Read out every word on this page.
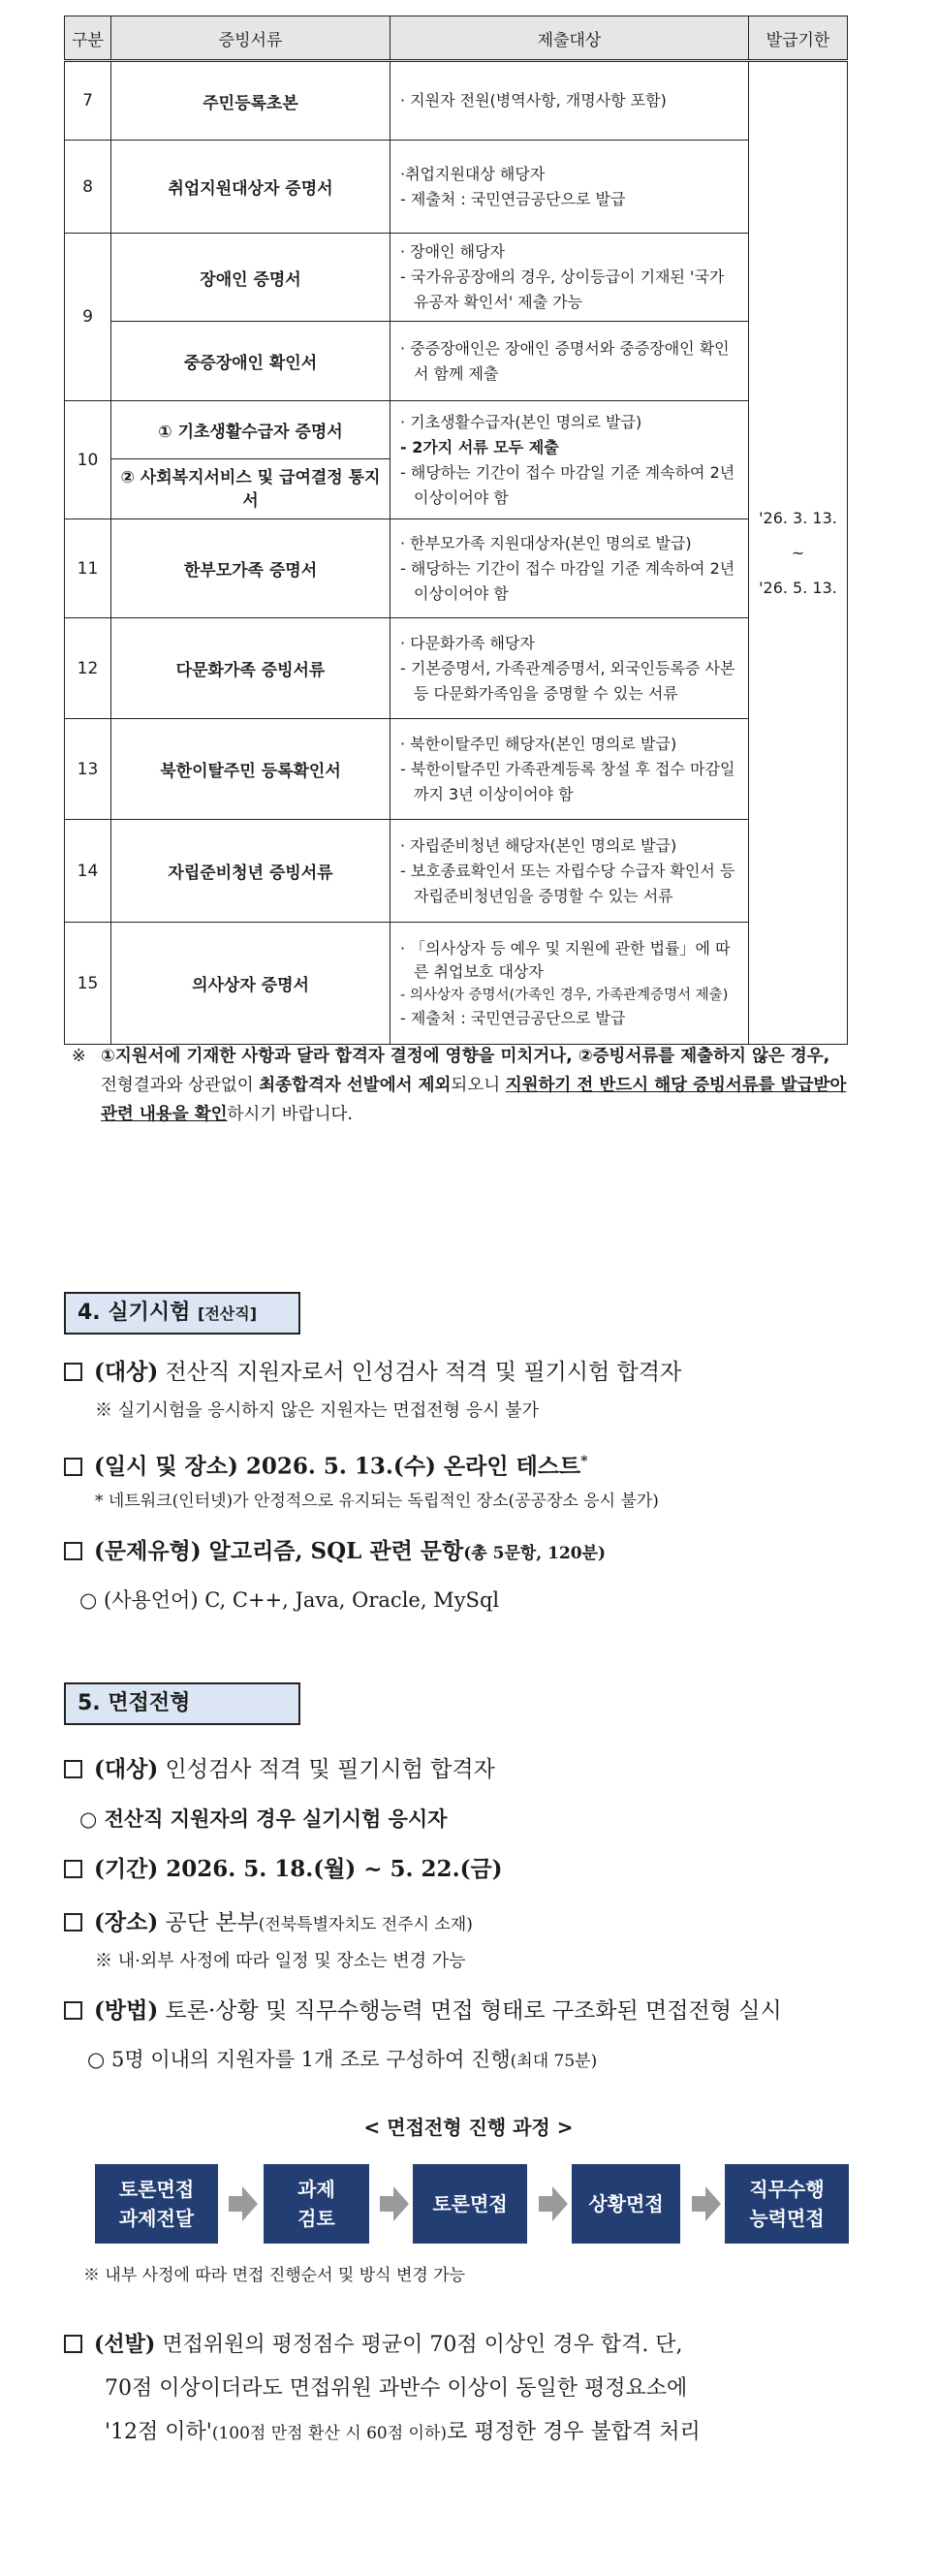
구분	증빙서류	제출대상	발급기한
7	주민등록초본	· 지원자 전원(병역사항, 개명사항 포함)	'26. 3. 13.
~
'26. 5. 13.

8	취업지원대상자 증명서	·취업지원대상 해당자
- 제출처 : 국민연금공단으로 발급	

9	장애인 증명서	· 장애인 해당자
- 국가유공장애의 경우, 상이등급이 기재된 '국가유공자 확인서' 제출 가능	

	중증장애인 확인서	· 중증장애인은 장애인 증명서와 중증장애인 확인서 함께 제출	

10	① 기초생활수급자 증명서	· 기초생활수급자(본인 명의로 발급)
- 2가지 서류 모두 제출
- 해당하는 기간이 접수 마감일 기준 계속하여 2년 이상이어야 함	

	② 사회복지서비스 및 급여결정 통지서		
11	한부모가족 증명서	· 한부모가족 지원대상자(본인 명의로 발급)
- 해당하는 기간이 접수 마감일 기준 계속하여 2년 이상이어야 함	

12	다문화가족 증빙서류	· 다문화가족 해당자
- 기본증명서, 가족관계증명서, 외국인등록증 사본 등 다문화가족임을 증명할 수 있는 서류	

13	북한이탈주민 등록확인서	· 북한이탈주민 해당자(본인 명의로 발급)
- 북한이탈주민 가족관계등록 창설 후 접수 마감일까지 3년 이상이어야 함	

14	자립준비청년 증빙서류	· 자립준비청년 해당자(본인 명의로 발급)
- 보호종료확인서 또는 자립수당 수급자 확인서 등 자립준비청년임을 증명할 수 있는 서류	

15	의사상자 증명서	· 「의사상자 등 예우 및 지원에 관한 법률」에 따른 취업보호 대상자
- 의사상자 증명서(가족인 경우, 가족관계증명서 제출)
- 제출처 : 국민연금공단으로 발급	
※ ①지원서에 기재한 사항과 달라 합격자 결정에 영향을 미치거나, ②증빙서류를 제출하지 않은 경우, 전형결과와 상관없이 최종합격자 선발에서 제외되오니 지원하기 전 반드시 해당 증빙서류를 발급받아 관련 내용을 확인하시기 바랍니다.
4. 실기시험 [전산직]
(대상) 전산직 지원자로서 인성검사 적격 및 필기시험 합격자
※ 실기시험을 응시하지 않은 지원자는 면접전형 응시 불가
(일시 및 장소) 2026. 5. 13.(수) 온라인 테스트*
* 네트워크(인터넷)가 안정적으로 유지되는 독립적인 장소(공공장소 응시 불가)
(문제유형) 알고리즘, SQL 관련 문항(총 5문항, 120분)
○ (사용언어) C, C++, Java, Oracle, MySql
5. 면접전형
(대상) 인성검사 적격 및 필기시험 합격자
○ 전산직 지원자의 경우 실기시험 응시자
(기간) 2026. 5. 18.(월) ~ 5. 22.(금)
(장소) 공단 본부(전북특별자치도 전주시 소재)
※ 내·외부 사정에 따라 일정 및 장소는 변경 가능
(방법) 토론·상황 및 직무수행능력 면접 형태로 구조화된 면접전형 실시
○ 5명 이내의 지원자를 1개 조로 구성하여 진행(최대 75분)
< 면접전형 진행 과정 >
토론면접
과제전달
과제
검토
토론면접	상황면접
직무수행
능력면접
※ 내부 사정에 따라 면접 진행순서 및 방식 변경 가능
(선발) 면접위원의 평정점수 평균이 70점 이상인 경우 합격. 단,
70점 이상이더라도 면접위원 과반수 이상이 동일한 평정요소에
'12점 이하'(100점 만점 환산 시 60점 이하)로 평정한 경우 불합격 처리
